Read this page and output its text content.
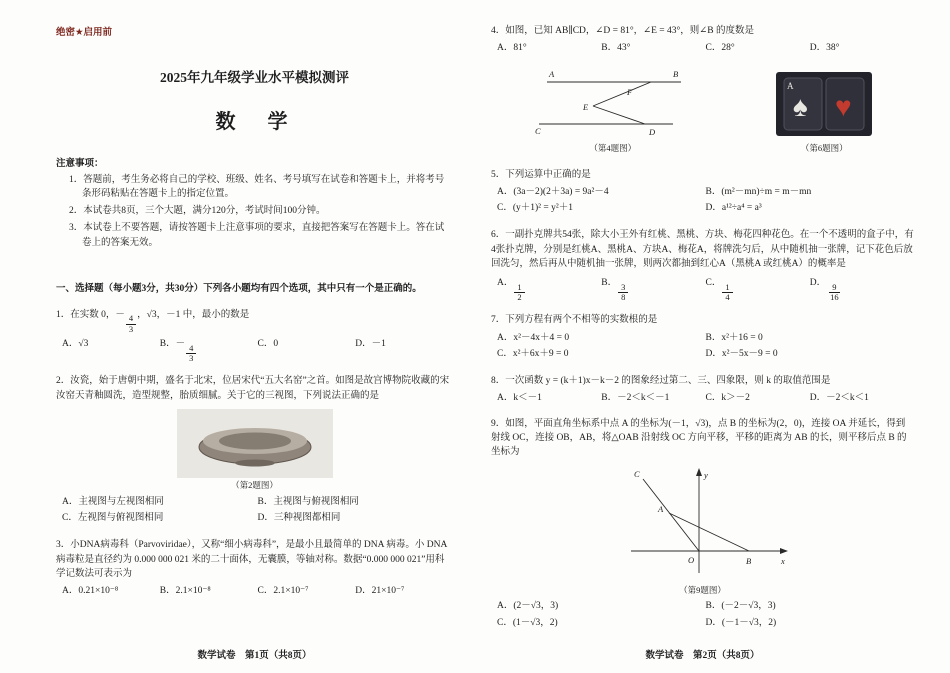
绝密★启用前
2025年九年级学业水平模拟测评
数　学
注意事项：

1．答题前，考生务必将自己的学校、班级、姓名、考号填写在试卷和答题卡上，并将考号条形码粘贴在答题卡上的指定位置。

2．本试卷共8页，三个大题，满分120分，考试时间100分钟。

3．本试卷上不要答题，请按答题卡上注意事项的要求，直接把答案写在答题卡上。答在试卷上的答案无效。

一、选择题（每小题3分，共30分）下列各小题均有四个选项，其中只有一个是正确的。

1．在实数 0，－ $\frac{4}{3}$ ，√3，－1 中，最小的数是

A．√3	B．－ $\frac{4}{3}$	C．0	D．－1

2．汝瓷，始于唐朝中期，盛名于北宋，位居宋代“五大名窑”之首。如图是故宫博物院收藏的宋汝窑天青釉圆洗，造型规整，胎质细腻。关于它的三视图，下列说法正确的是

（第2题图）
A．主视图与左视图相同	B．主视图与俯视图相同
C．左视图与俯视图相同	D．三种视图都相同

3．小DNA病毒科（Parvoviridae），又称“细小病毒科”，是最小且最简单的 DNA 病毒。小 DNA 病毒粒是直径约为 0.000 000 021 米的二十面体，无囊膜，等轴对称。数据“0.000 000 021”用科学记数法可表示为

A．0.21×10⁻⁸	B．2.1×10⁻⁸	C．2.1×10⁻⁷	D．21×10⁻⁷
数学试卷　第1页（共8页）

4．如图，已知 AB∥CD，∠D = 81°，∠E = 43°，则∠B 的度数是

A．81°	B．43°	C．28°	D．38°
A	B
C	D
E
F
（第4题图）
♠ ♥
A
（第6题图）

5．下列运算中正确的是

A．(3a－2)(2＋3a) = 9a²－4	B．(m²－mn)÷m = m－mn
C．(y＋1)² = y²＋1	D．a¹²÷a⁴ = a³

6．一副扑克牌共54张，除大小王外有红桃、黑桃、方块、梅花四种花色。在一个不透明的盒子中，有4张扑克牌，分别是红桃A、黑桃A、方块A、梅花A，将牌洗匀后，从中随机抽一张牌，记下花色后放回洗匀，然后再从中随机抽一张牌，则两次都抽到红心A（黑桃A 或红桃A）的概率是

A． $\frac{1}{2}$	B． $\frac{3}{8}$	C． $\frac{1}{4}$	D． $\frac{9}{16}$

7．下列方程有两个不相等的实数根的是

A．x²－4x＋4 = 0	B．x²＋16 = 0
C．x²＋6x＋9 = 0	D．x²－5x－9 = 0

8．一次函数 y = (k＋1)x－k－2 的图象经过第二、三、四象限，则 k 的取值范围是

A．k＜－1	B．－2＜k＜－1	C．k＞－2	D．－2＜k＜1

9．如图，平面直角坐标系中点 A 的坐标为(－1，√3)，点 B 的坐标为(2，0)，连接 OA 并延长，得到射线 OC，连接 OB，AB，将△OAB 沿射线 OC 方向平移，平移的距离为 AB 的长，则平移后点 B 的坐标为

y
x
C
A
O	B
（第9题图）
A．(2－√3，3)	B．(－2－√3，3)
C．(1－√3，2)	D．(－1－√3，2)
数学试卷　第2页（共8页）
